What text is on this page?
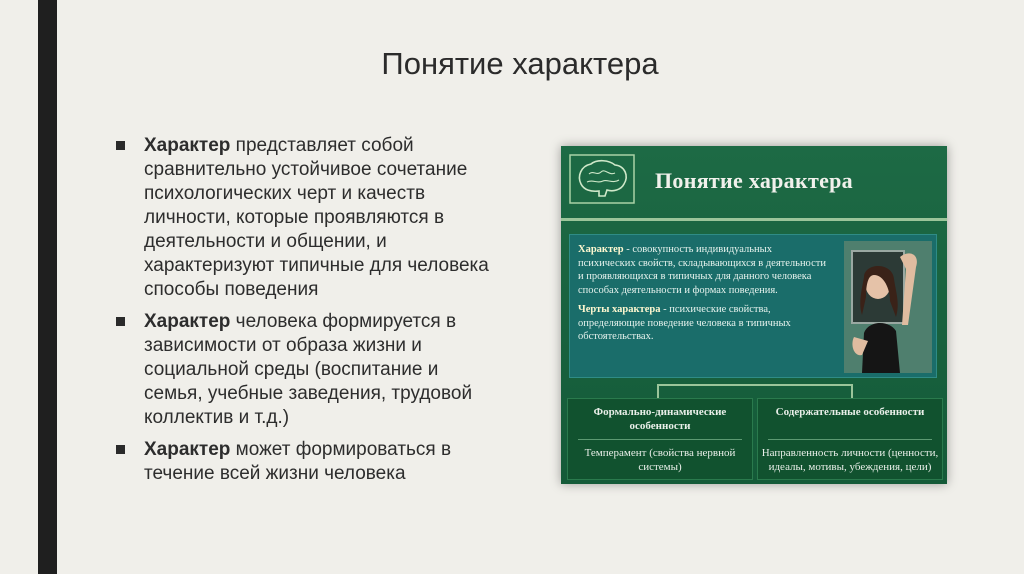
Понятие характера
Характер представляет собой сравнительно устойчивое сочетание психологических черт и качеств личности, которые проявляются в деятельности и общении, и характеризуют типичные для человека способы поведения
Характер человека формируется в зависимости от образа жизни и социальной среды (воспитание и семья, учебные заведения, трудовой коллектив и т.д.)
Характер может формироваться в течение всей жизни человека
Понятие характера

Характер - совокупность индивидуальных психических свойств, складывающихся в деятельности и проявляющихся в типичных для данного человека способах деятельности и формах поведения.

Черты характера - психические свойства, определяющие поведение человека в типичных обстоятельствах.

Формально-динамические особенности
Темперамент (свойства нервной системы)
Содержательные особенности
Направленность личности (ценности, идеалы, мотивы, убеждения, цели)
